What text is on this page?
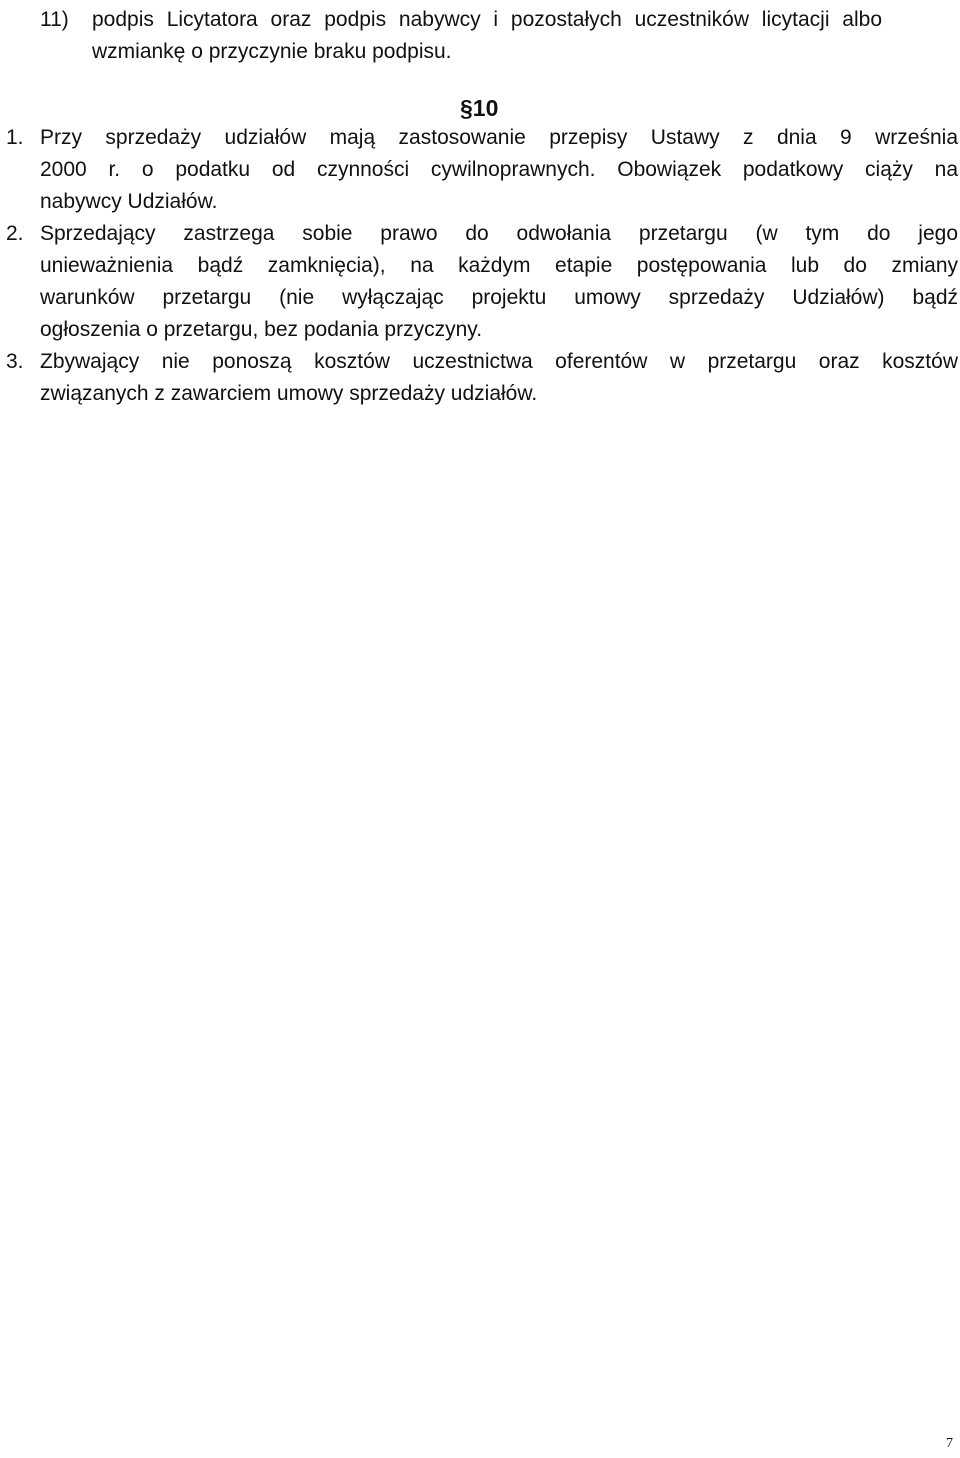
11) podpis Licytatora oraz podpis nabywcy i pozostałych uczestników licytacji albo
wzmiankę o przyczynie braku podpisu.
§10
1. Przy sprzedaży udziałów mają zastosowanie przepisy Ustawy z dnia 9 września
2000 r. o podatku od czynności cywilnoprawnych. Obowiązek podatkowy ciąży na
nabywcy Udziałów.
2. Sprzedający zastrzega sobie prawo do odwołania przetargu (w tym do jego
unieważnienia bądź zamknięcia), na każdym etapie postępowania lub do zmiany
warunków przetargu (nie wyłączając projektu umowy sprzedaży Udziałów) bądź
ogłoszenia o przetargu, bez podania przyczyny.
3. Zbywający nie ponoszą kosztów uczestnictwa oferentów w przetargu oraz kosztów
związanych z zawarciem umowy sprzedaży udziałów.
7
